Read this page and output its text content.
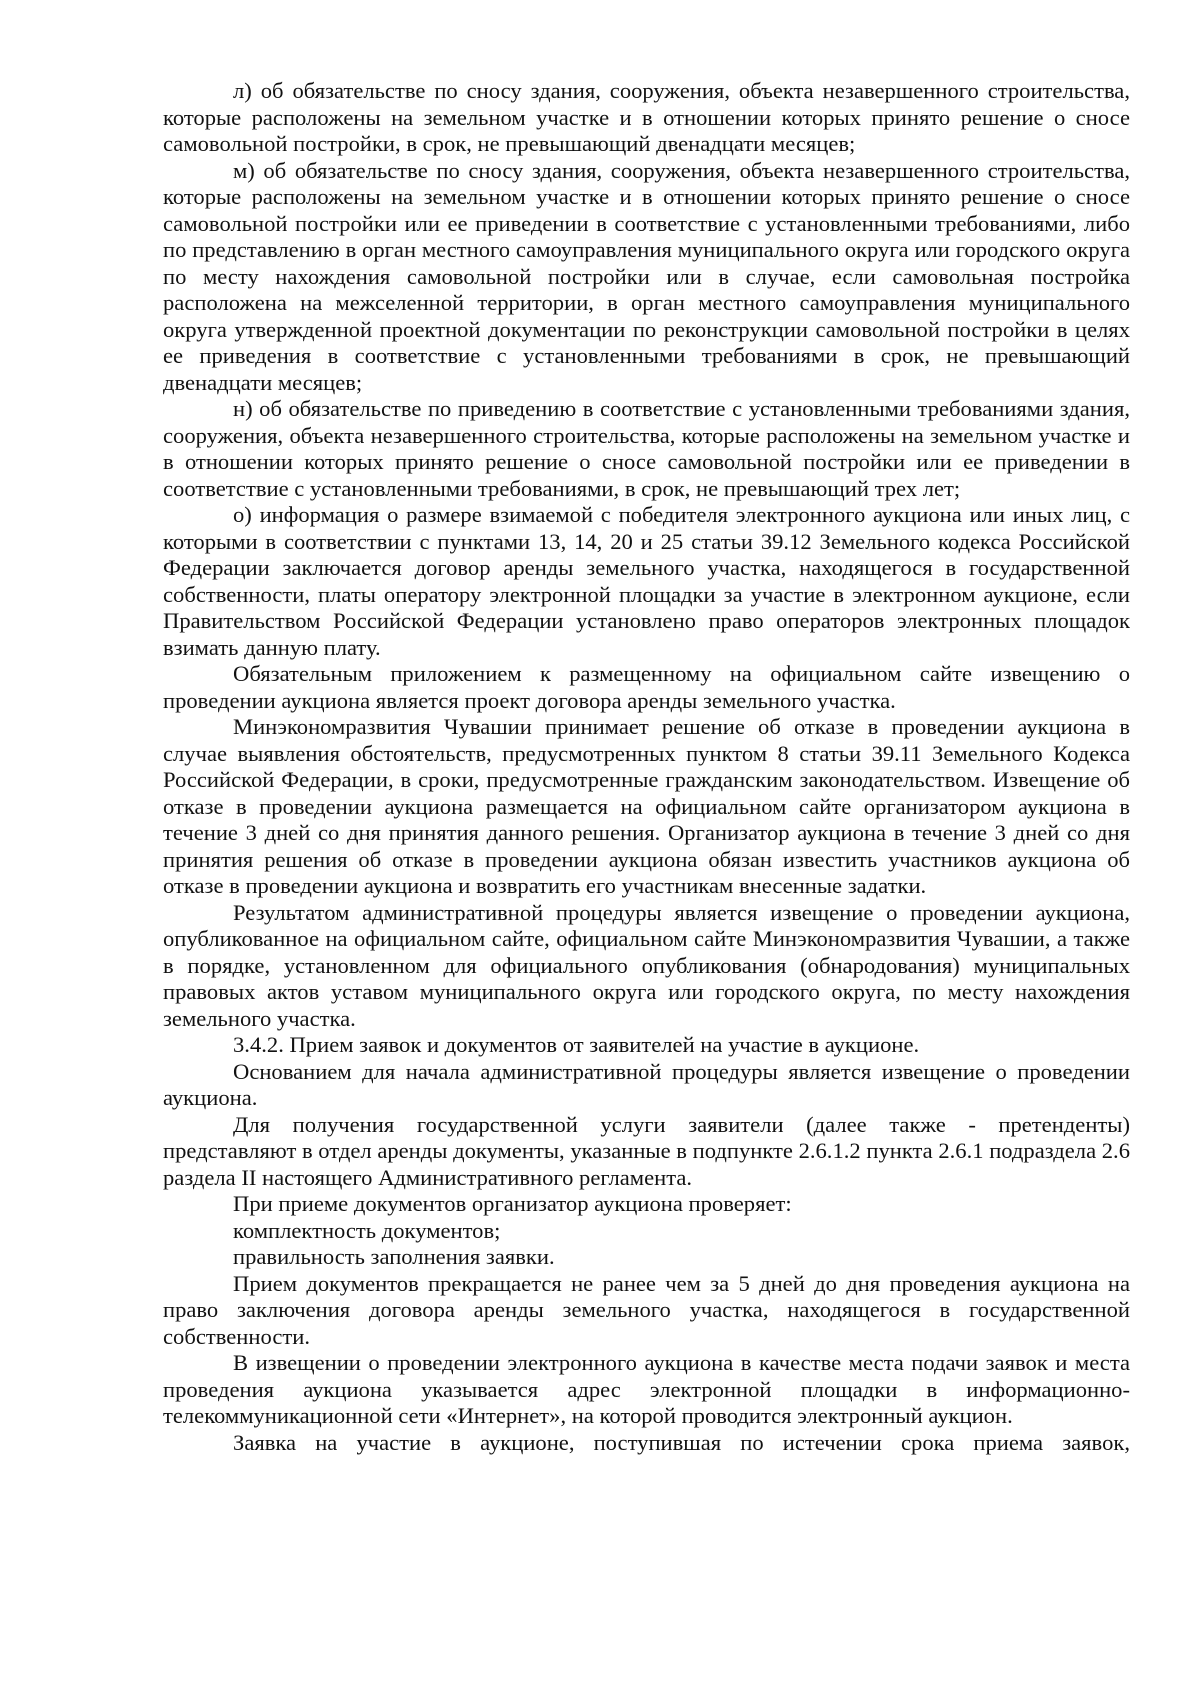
л) об обязательстве по сносу здания, сооружения, объекта незавершенного строительства, которые расположены на земельном участке и в отношении которых принято решение о сносе самовольной постройки, в срок, не превышающий двенадцати месяцев;

м) об обязательстве по сносу здания, сооружения, объекта незавершенного строительства, которые расположены на земельном участке и в отношении которых принято решение о сносе самовольной постройки или ее приведении в соответствие с установленными требованиями, либо по представлению в орган местного самоуправления муниципального округа или городского округа по месту нахождения самовольной постройки или в случае, если самовольная постройка расположена на межселенной территории, в орган местного самоуправления муниципального округа утвержденной проектной документации по реконструкции самовольной постройки в целях ее приведения в соответствие с установленными требованиями в срок, не превышающий двенадцати месяцев;

н) об обязательстве по приведению в соответствие с установленными требованиями здания, сооружения, объекта незавершенного строительства, которые расположены на земельном участке и в отношении которых принято решение о сносе самовольной постройки или ее приведении в соответствие с установленными требованиями, в срок, не превышающий трех лет;

о) информация о размере взимаемой с победителя электронного аукциона или иных лиц, с которыми в соответствии с пунктами 13, 14, 20 и 25 статьи 39.12 Земельного кодекса Российской Федерации заключается договор аренды земельного участка, находящегося в государственной собственности, платы оператору электронной площадки за участие в электронном аукционе, если Правительством Российской Федерации установлено право операторов электронных площадок взимать данную плату.

Обязательным приложением к размещенному на официальном сайте извещению о проведении аукциона является проект договора аренды земельного участка.

Минэкономразвития Чувашии принимает решение об отказе в проведении аукциона в случае выявления обстоятельств, предусмотренных пунктом 8 статьи 39.11 Земельного Кодекса Российской Федерации, в сроки, предусмотренные гражданским законодательством. Извещение об отказе в проведении аукциона размещается на официальном сайте организатором аукциона в течение 3 дней со дня принятия данного решения. Организатор аукциона в течение 3 дней со дня принятия решения об отказе в проведении аукциона обязан известить участников аукциона об отказе в проведении аукциона и возвратить его участникам внесенные задатки.

Результатом административной процедуры является извещение о проведении аукциона, опубликованное на официальном сайте, официальном сайте Минэкономразвития Чувашии, а также в порядке, установленном для официального опубликования (обнародования) муниципальных правовых актов уставом муниципального округа или городского округа, по месту нахождения земельного участка.

3.4.2. Прием заявок и документов от заявителей на участие в аукционе.

Основанием для начала административной процедуры является извещение о проведении аукциона.

Для получения государственной услуги заявители (далее также - претенденты) представляют в отдел аренды документы, указанные в подпункте 2.6.1.2 пункта 2.6.1 подраздела 2.6 раздела II настоящего Административного регламента.

При приеме документов организатор аукциона проверяет:

комплектность документов;

правильность заполнения заявки.

Прием документов прекращается не ранее чем за 5 дней до дня проведения аукциона на право заключения договора аренды земельного участка, находящегося в государственной собственности.

В извещении о проведении электронного аукциона в качестве места подачи заявок и места проведения аукциона указывается адрес электронной площадки в информационно-телекоммуникационной сети «Интернет», на которой проводится электронный аукцион.

Заявка на участие в аукционе, поступившая по истечении срока приема заявок,
